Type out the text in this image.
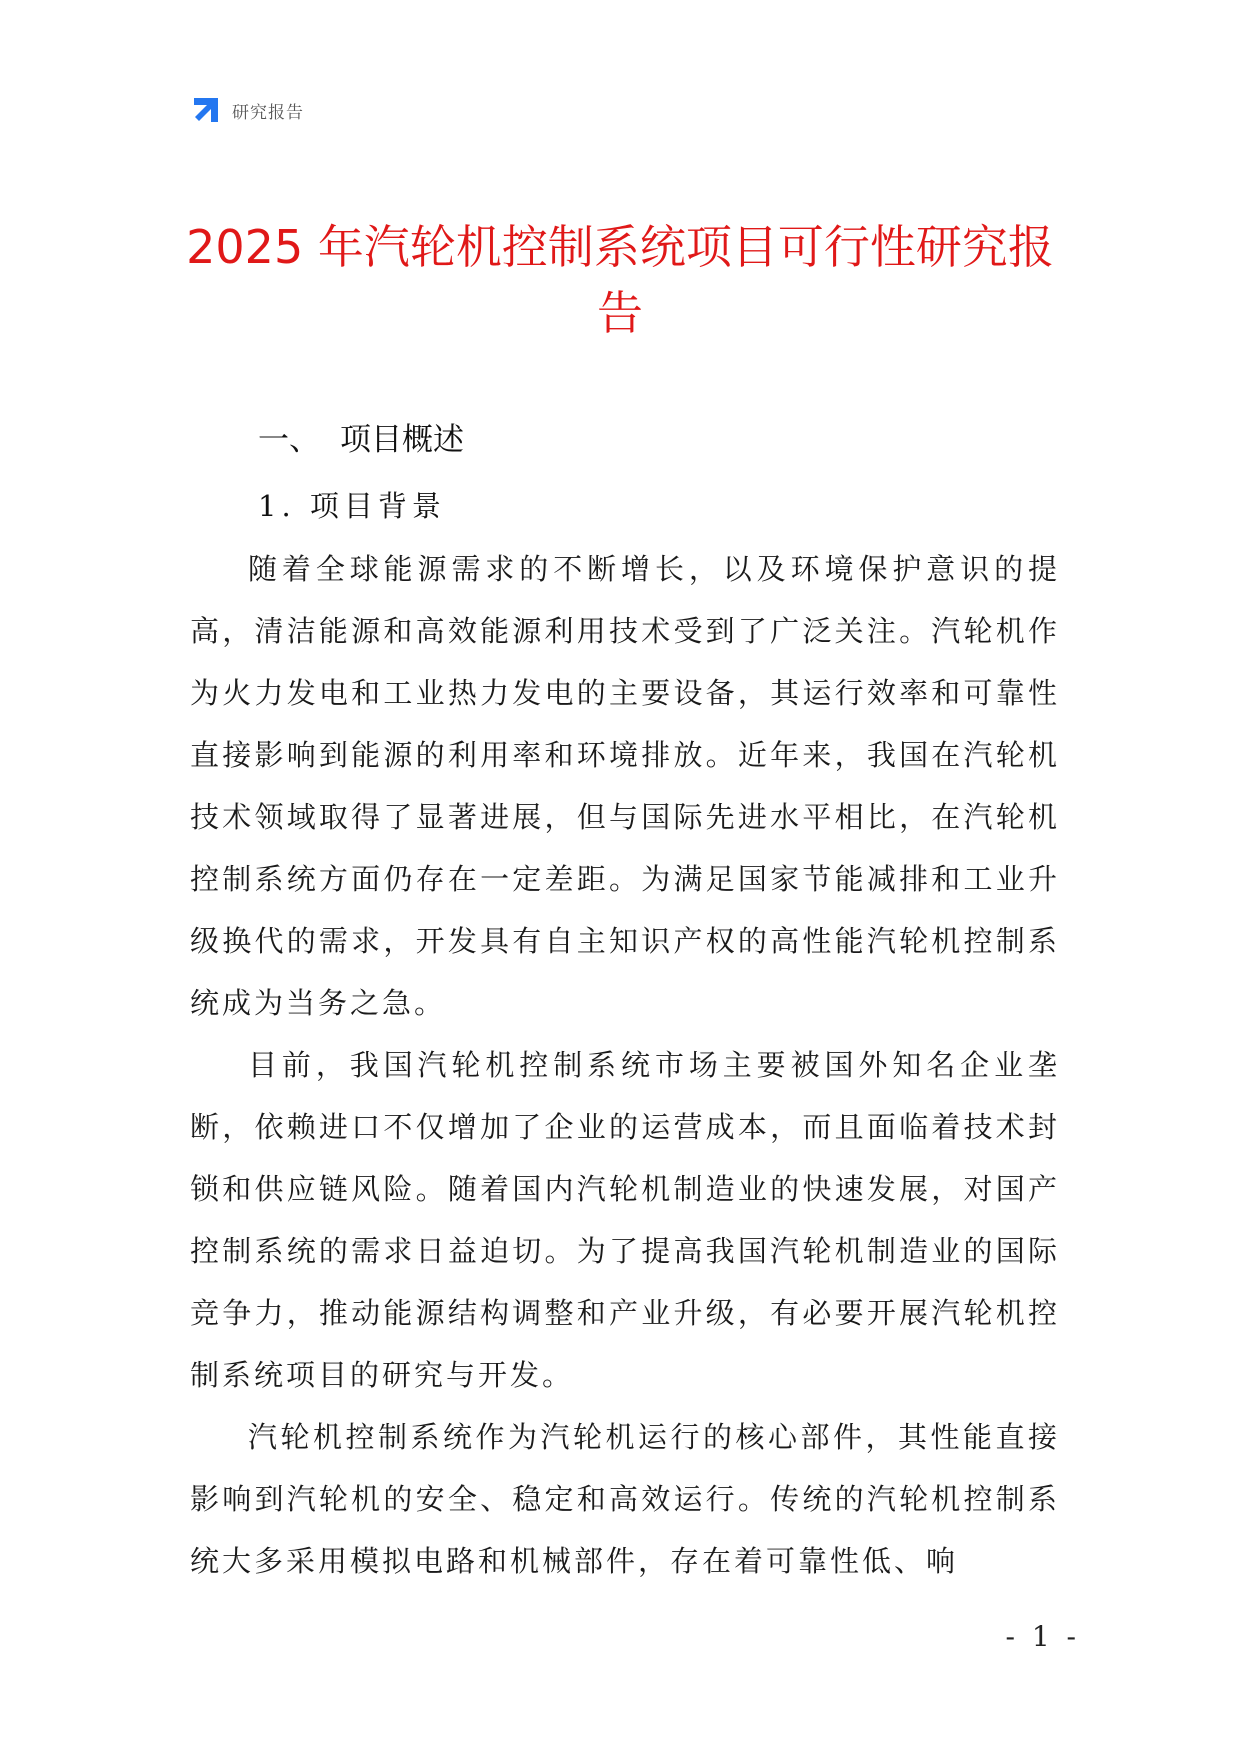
研究报告
2025 年汽轮机控制系统项目可行性研究报告
一、 项目概述
1. 项目背景

随着全球能源需求的不断增长，以及环境保护意识的提高，清洁能源和高效能源利用技术受到了广泛关注。汽轮机作为火力发电和工业热力发电的主要设备，其运行效率和可靠性直接影响到能源的利用率和环境排放。近年来，我国在汽轮机技术领域取得了显著进展，但与国际先进水平相比，在汽轮机控制系统方面仍存在一定差距。为满足国家节能减排和工业升级换代的需求，开发具有自主知识产权的高性能汽轮机控制系统成为当务之急。

目前，我国汽轮机控制系统市场主要被国外知名企业垄断，依赖进口不仅增加了企业的运营成本，而且面临着技术封锁和供应链风险。随着国内汽轮机制造业的快速发展，对国产控制系统的需求日益迫切。为了提高我国汽轮机制造业的国际竞争力，推动能源结构调整和产业升级，有必要开展汽轮机控制系统项目的研究与开发。

汽轮机控制系统作为汽轮机运行的核心部件，其性能直接影响到汽轮机的安全、稳定和高效运行。传统的汽轮机控制系统大多采用模拟电路和机械部件，存在着可靠性低、响

- 1 -
